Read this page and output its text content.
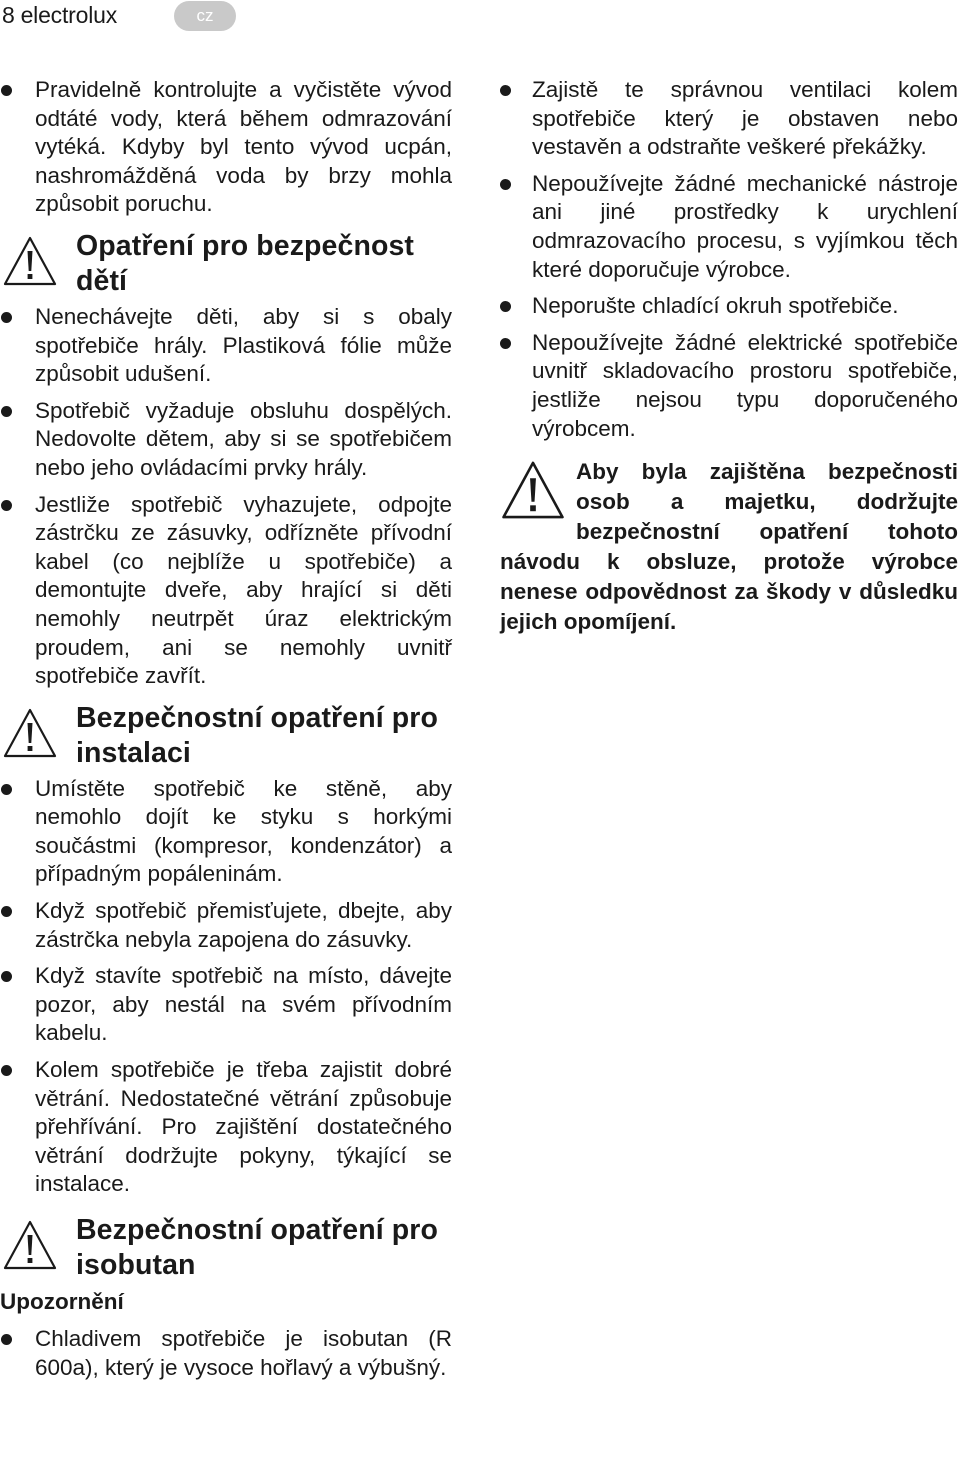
8 electrolux	cz
Pravidelně kontrolujte a vyčistěte vývod odtáté vody, která během odmrazování vytéká. Kdyby byl tento vývod ucpán, nashromážděná voda by brzy mohla způsobit poruchu.
Opatření pro bezpečnost dětí
Nenechávejte děti, aby si s obaly spotřebiče hrály. Plastiková fólie může způsobit udušení.
Spotřebič vyžaduje obsluhu dospělých. Nedovolte dětem, aby si se spotřebičem nebo jeho ovládacími prvky hrály.
Jestliže spotřebič vyhazujete, odpojte zástrčku ze zásuvky, odřízněte přívodní kabel (co nejblíže u spotřebiče) a demontujte dveře, aby hrající si děti nemohly neutrpět úraz elektrickým proudem, ani se nemohly uvnitř spotřebiče zavřít.
Bezpečnostní opatření pro instalaci
Umístěte spotřebič ke stěně, aby nemohlo dojít ke styku s horkými součástmi (kompresor, kondenzátor) a případným popáleninám.
Když spotřebič přemisťujete, dbejte, aby zástrčka nebyla zapojena do zásuvky.
Když stavíte spotřebič na místo, dávejte pozor, aby nestál na svém přívodním kabelu.
Kolem spotřebiče je třeba zajistit dobré větrání. Nedostatečné větrání způsobuje přehřívání. Pro zajištění dostatečného větrání dodržujte pokyny, týkající se instalace.
Bezpečnostní opatření pro isobutan
Upozornění
Chladivem spotřebiče je isobutan (R 600a), který je vysoce hořlavý a výbušný.
Zajistě te správnou ventilaci kolem spotřebiče který je obstaven nebo vestavěn a odstraňte veškeré překážky.
Nepoužívejte žádné mechanické nástroje ani jiné prostředky k urychlení odmrazovacího procesu, s vyjímkou těch které doporučuje výrobce.
Neporušte chladící okruh spotřebiče.
Nepoužívejte žádné elektrické spotřebiče uvnitř skladovacího prostoru spotřebiče, jestliže nejsou typu doporučeného výrobcem.

Aby byla zajištěna bezpečnosti osob a majetku, dodržujte bezpečnostní opatření tohoto návodu k obsluze, protože výrobce nenese odpovědnost za škody v důsledku jejich opomíjení.
